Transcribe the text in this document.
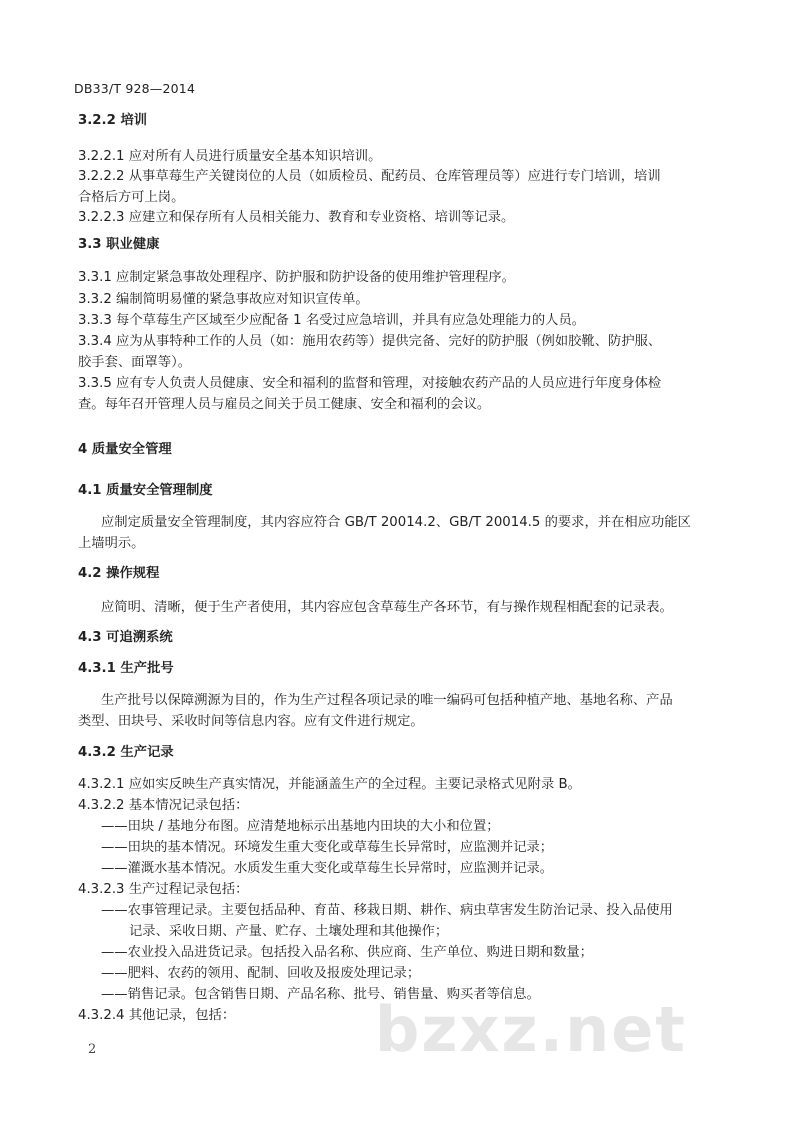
DB33/T 928—2014
3.2.2 培训
3.2.2.1 应对所有人员进行质量安全基本知识培训。
3.2.2.2 从事草莓生产关键岗位的人员（如质检员、配药员、仓库管理员等）应进行专门培训，培训
合格后方可上岗。
3.2.2.3 应建立和保存所有人员相关能力、教育和专业资格、培训等记录。
3.3 职业健康
3.3.1 应制定紧急事故处理程序、防护服和防护设备的使用维护管理程序。
3.3.2 编制简明易懂的紧急事故应对知识宣传单。
3.3.3 每个草莓生产区域至少应配备 1 名受过应急培训，并具有应急处理能力的人员。
3.3.4 应为从事特种工作的人员（如：施用农药等）提供完备、完好的防护服（例如胶靴、防护服、
胶手套、面罩等）。
3.3.5 应有专人负责人员健康、安全和福利的监督和管理，对接触农药产品的人员应进行年度身体检
查。每年召开管理人员与雇员之间关于员工健康、安全和福利的会议。
4 质量安全管理
4.1 质量安全管理制度
应制定质量安全管理制度，其内容应符合 GB/T 20014.2、GB/T 20014.5 的要求，并在相应功能区
上墙明示。
4.2 操作规程
应简明、清晰，便于生产者使用，其内容应包含草莓生产各环节，有与操作规程相配套的记录表。
4.3 可追溯系统
4.3.1 生产批号
生产批号以保障溯源为目的，作为生产过程各项记录的唯一编码可包括种植产地、基地名称、产品
类型、田块号、采收时间等信息内容。应有文件进行规定。
4.3.2 生产记录
4.3.2.1 应如实反映生产真实情况，并能涵盖生产的全过程。主要记录格式见附录 B。
4.3.2.2 基本情况记录包括：
——田块 / 基地分布图。应清楚地标示出基地内田块的大小和位置；
——田块的基本情况。环境发生重大变化或草莓生长异常时，应监测并记录；
——灌溉水基本情况。水质发生重大变化或草莓生长异常时，应监测并记录。
4.3.2.3 生产过程记录包括：
——农事管理记录。主要包括品种、育苗、移栽日期、耕作、病虫草害发生防治记录、投入品使用
记录、采收日期、产量、贮存、土壤处理和其他操作；
——农业投入品进货记录。包括投入品名称、供应商、生产单位、购进日期和数量；
——肥料、农药的领用、配制、回收及报废处理记录；
——销售记录。包含销售日期、产品名称、批号、销售量、购买者等信息。
4.3.2.4 其他记录，包括： bzxz.net
2
